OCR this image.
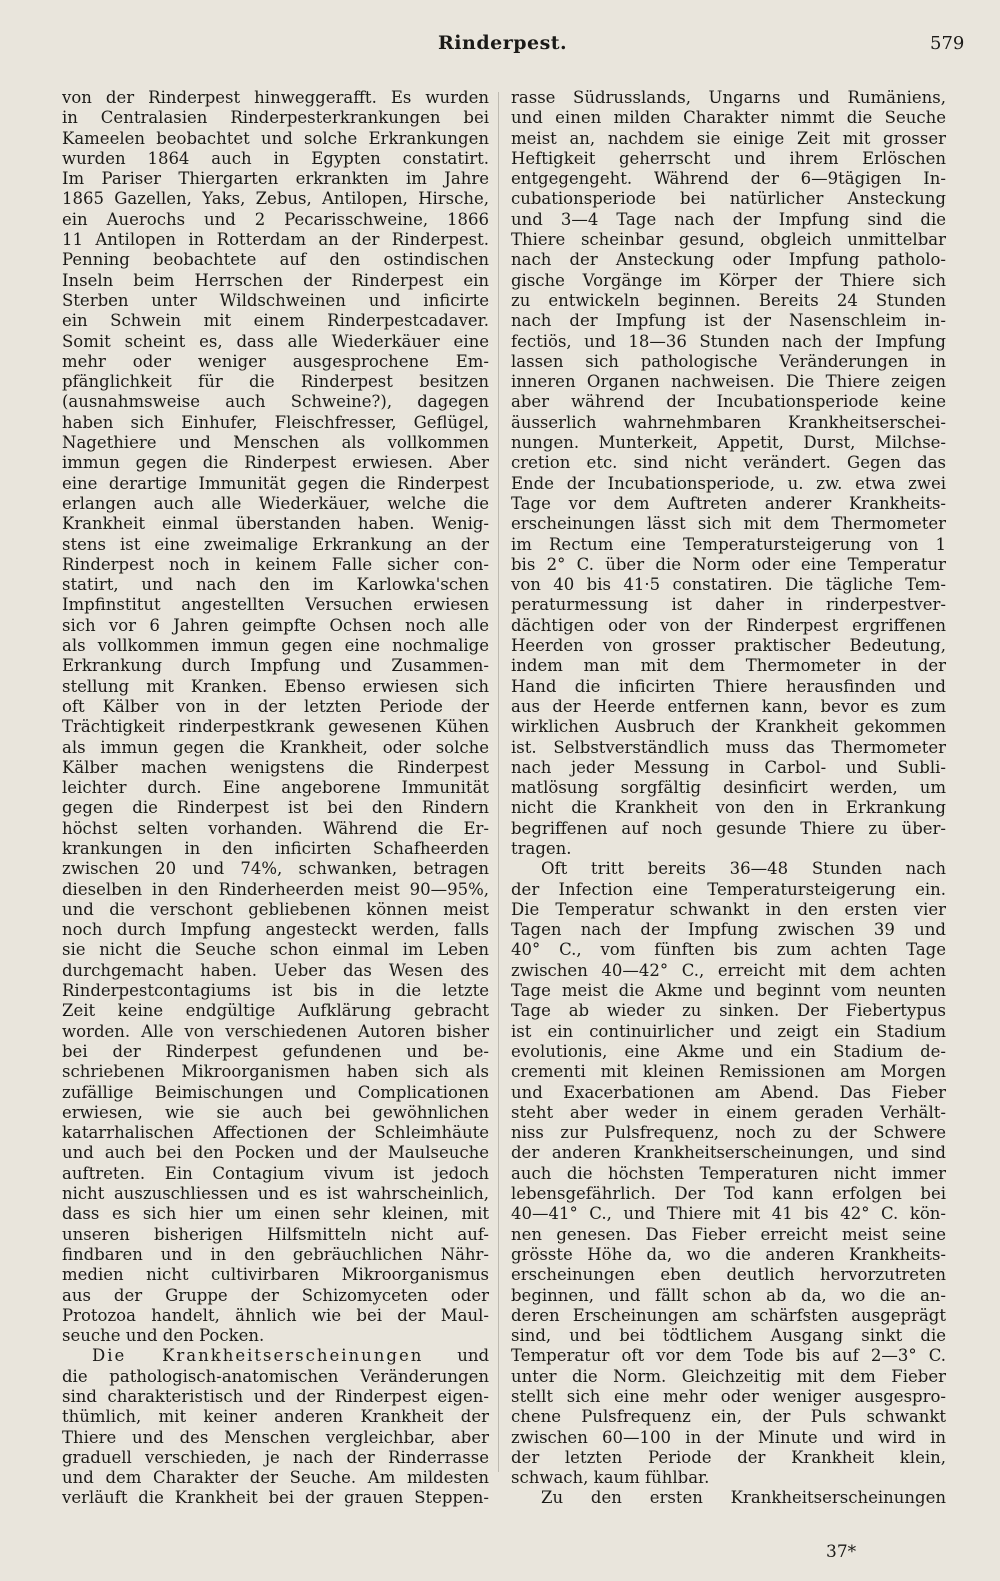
Rinderpest.	579
von der Rinderpest hinweggerafft. Es wurden
in Centralasien Rinderpesterkrankungen bei
Kameelen beobachtet und solche Erkrankungen
wurden 1864 auch in Egypten constatirt.
Im Pariser Thiergarten erkrankten im Jahre
1865 Gazellen, Yaks, Zebus, Antilopen, Hirsche,
ein Auerochs und 2 Pecarisschweine, 1866
11 Antilopen in Rotterdam an der Rinderpest.
Penning beobachtete auf den ostindischen
Inseln beim Herrschen der Rinderpest ein
Sterben unter Wildschweinen und inficirte
ein Schwein mit einem Rinderpestcadaver.
Somit scheint es, dass alle Wiederkäuer eine
mehr oder weniger ausgesprochene Em-
pfänglichkeit für die Rinderpest besitzen
(ausnahmsweise auch Schweine?), dagegen
haben sich Einhufer, Fleischfresser, Geflügel,
Nagethiere und Menschen als vollkommen
immun gegen die Rinderpest erwiesen. Aber
eine derartige Immunität gegen die Rinderpest
erlangen auch alle Wiederkäuer, welche die
Krankheit einmal überstanden haben. Wenig-
stens ist eine zweimalige Erkrankung an der
Rinderpest noch in keinem Falle sicher con-
statirt, und nach den im Karlowka'schen
Impfinstitut angestellten Versuchen erwiesen
sich vor 6 Jahren geimpfte Ochsen noch alle
als vollkommen immun gegen eine nochmalige
Erkrankung durch Impfung und Zusammen-
stellung mit Kranken. Ebenso erwiesen sich
oft Kälber von in der letzten Periode der
Trächtigkeit rinderpestkrank gewesenen Kühen
als immun gegen die Krankheit, oder solche
Kälber machen wenigstens die Rinderpest
leichter durch. Eine angeborene Immunität
gegen die Rinderpest ist bei den Rindern
höchst selten vorhanden. Während die Er-
krankungen in den inficirten Schafheerden
zwischen 20 und 74%, schwanken, betragen
dieselben in den Rinderheerden meist 90—95%,
und die verschont gebliebenen können meist
noch durch Impfung angesteckt werden, falls
sie nicht die Seuche schon einmal im Leben
durchgemacht haben. Ueber das Wesen des
Rinderpestcontagiums ist bis in die letzte
Zeit keine endgültige Aufklärung gebracht
worden. Alle von verschiedenen Autoren bisher
bei der Rinderpest gefundenen und be-
schriebenen Mikroorganismen haben sich als
zufällige Beimischungen und Complicationen
erwiesen, wie sie auch bei gewöhnlichen
katarrhalischen Affectionen der Schleimhäute
und auch bei den Pocken und der Maulseuche
auftreten. Ein Contagium vivum ist jedoch
nicht auszuschliessen und es ist wahrscheinlich,
dass es sich hier um einen sehr kleinen, mit
unseren bisherigen Hilfsmitteln nicht auf-
findbaren und in den gebräuchlichen Nähr-
medien nicht cultivirbaren Mikroorganismus
aus der Gruppe der Schizomyceten oder
Protozoa handelt, ähnlich wie bei der Maul-
seuche und den Pocken.
Die Krankheitserscheinungen und
die pathologisch-anatomischen Veränderungen
sind charakteristisch und der Rinderpest eigen-
thümlich, mit keiner anderen Krankheit der
Thiere und des Menschen vergleichbar, aber
graduell verschieden, je nach der Rinderrasse
und dem Charakter der Seuche. Am mildesten
verläuft die Krankheit bei der grauen Steppen-
rasse Südrusslands, Ungarns und Rumäniens,
und einen milden Charakter nimmt die Seuche
meist an, nachdem sie einige Zeit mit grosser
Heftigkeit geherrscht und ihrem Erlöschen
entgegengeht. Während der 6—9tägigen In-
cubationsperiode bei natürlicher Ansteckung
und 3—4 Tage nach der Impfung sind die
Thiere scheinbar gesund, obgleich unmittelbar
nach der Ansteckung oder Impfung patholo-
gische Vorgänge im Körper der Thiere sich
zu entwickeln beginnen. Bereits 24 Stunden
nach der Impfung ist der Nasenschleim in-
fectiös, und 18—36 Stunden nach der Impfung
lassen sich pathologische Veränderungen in
inneren Organen nachweisen. Die Thiere zeigen
aber während der Incubationsperiode keine
äusserlich wahrnehmbaren Krankheitserschei-
nungen. Munterkeit, Appetit, Durst, Milchse-
cretion etc. sind nicht verändert. Gegen das
Ende der Incubationsperiode, u. zw. etwa zwei
Tage vor dem Auftreten anderer Krankheits-
erscheinungen lässt sich mit dem Thermometer
im Rectum eine Temperatursteigerung von 1
bis 2° C. über die Norm oder eine Temperatur
von 40 bis 41·5 constatiren. Die tägliche Tem-
peraturmessung ist daher in rinderpestver-
dächtigen oder von der Rinderpest ergriffenen
Heerden von grosser praktischer Bedeutung,
indem man mit dem Thermometer in der
Hand die inficirten Thiere herausfinden und
aus der Heerde entfernen kann, bevor es zum
wirklichen Ausbruch der Krankheit gekommen
ist. Selbstverständlich muss das Thermometer
nach jeder Messung in Carbol- und Subli-
matlösung sorgfältig desinficirt werden, um
nicht die Krankheit von den in Erkrankung
begriffenen auf noch gesunde Thiere zu über-
tragen.
Oft tritt bereits 36—48 Stunden nach
der Infection eine Temperatursteigerung ein.
Die Temperatur schwankt in den ersten vier
Tagen nach der Impfung zwischen 39 und
40° C., vom fünften bis zum achten Tage
zwischen 40—42° C., erreicht mit dem achten
Tage meist die Akme und beginnt vom neunten
Tage ab wieder zu sinken. Der Fiebertypus
ist ein continuirlicher und zeigt ein Stadium
evolutionis, eine Akme und ein Stadium de-
crementi mit kleinen Remissionen am Morgen
und Exacerbationen am Abend. Das Fieber
steht aber weder in einem geraden Verhält-
niss zur Pulsfrequenz, noch zu der Schwere
der anderen Krankheitserscheinungen, und sind
auch die höchsten Temperaturen nicht immer
lebensgefährlich. Der Tod kann erfolgen bei
40—41° C., und Thiere mit 41 bis 42° C. kön-
nen genesen. Das Fieber erreicht meist seine
grösste Höhe da, wo die anderen Krankheits-
erscheinungen eben deutlich hervorzutreten
beginnen, und fällt schon ab da, wo die an-
deren Erscheinungen am schärfsten ausgeprägt
sind, und bei tödtlichem Ausgang sinkt die
Temperatur oft vor dem Tode bis auf 2—3° C.
unter die Norm. Gleichzeitig mit dem Fieber
stellt sich eine mehr oder weniger ausgespro-
chene Pulsfrequenz ein, der Puls schwankt
zwischen 60—100 in der Minute und wird in
der letzten Periode der Krankheit klein,
schwach, kaum fühlbar.
Zu den ersten Krankheitserscheinungen
37*
